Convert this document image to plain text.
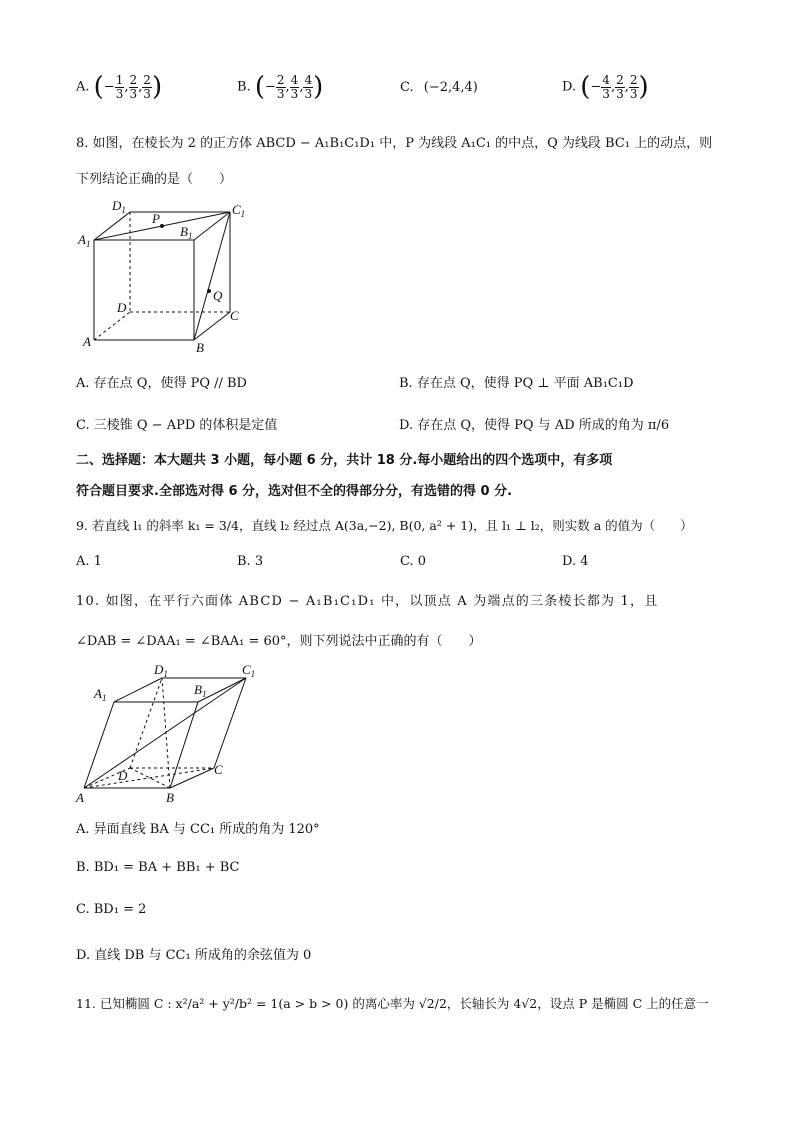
A. (− $\frac{1}{3}$ , $\frac{2}{3}$ , $\frac{2}{3}$ )	B. (− $\frac{2}{3}$ , $\frac{4}{3}$ , $\frac{4}{3}$ )	C. (−2,4,4)	D. (− $\frac{4}{3}$ , $\frac{2}{3}$ , $\frac{2}{3}$ )
8. 如图，在棱长为 2 的正方体 ABCD − A₁B₁C₁D₁ 中，P 为线段 A₁C₁ 的中点，Q 为线段 BC₁ 上的动点，则
下列结论正确的是（　　）
$D_1$	$C_1$
P
$B_1$
$A_1$
Q
D
C
A	B
A. 存在点 Q，使得 PQ // BD	B. 存在点 Q，使得 PQ ⊥ 平面 AB₁C₁D
C. 三棱锥 Q − APD 的体积是定值	D. 存在点 Q，使得 PQ 与 AD 所成的角为 π/6
二、选择题：本大题共 3 小题，每小题 6 分，共计 18 分.每小题给出的四个选项中，有多项
符合题目要求.全部选对得 6 分，选对但不全的得部分分，有选错的得 0 分.
9. 若直线 l₁ 的斜率 k₁ = 3/4，直线 l₂ 经过点 A(3a,−2), B(0, a² + 1)，且 l₁ ⊥ l₂，则实数 a 的值为（　　）
A. 1	B. 3	C. 0	D. 4
10. 如图，在平行六面体 ABCD − A₁B₁C₁D₁ 中，以顶点 A 为端点的三条棱长都为 1，且
∠DAB = ∠DAA₁ = ∠BAA₁ = 60°，则下列说法中正确的有（　　）
$D_1$	$C_1$
$A_1$
$B_1$
D	C
A	B
A. 异面直线 BA 与 CC₁ 所成的角为 120°
B. BD₁ = BA + BB₁ + BC
C. BD₁ = 2
D. 直线 DB 与 CC₁ 所成角的余弦值为 0
11. 已知椭圆 C : x²/a² + y²/b² = 1(a > b > 0) 的离心率为 √2/2，长轴长为 4√2，设点 P 是椭圆 C 上的任意一
